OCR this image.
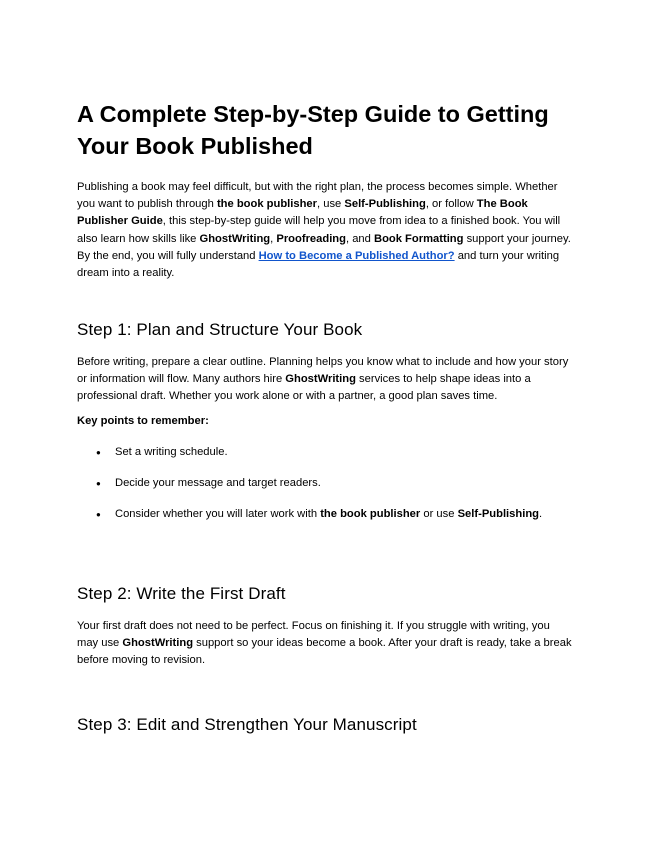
A Complete Step-by-Step Guide to Getting Your Book Published

Publishing a book may feel difficult, but with the right plan, the process becomes simple. Whether you want to publish through the book publisher, use Self-Publishing, or follow The Book Publisher Guide, this step-by-step guide will help you move from idea to a finished book. You will also learn how skills like GhostWriting, Proofreading, and Book Formatting support your journey. By the end, you will fully understand How to Become a Published Author? and turn your writing dream into a reality.

Step 1: Plan and Structure Your Book

Before writing, prepare a clear outline. Planning helps you know what to include and how your story or information will flow. Many authors hire GhostWriting services to help shape ideas into a professional draft. Whether you work alone or with a partner, a good plan saves time.

Key points to remember:

● Set a writing schedule.
● Decide your message and target readers.
● Consider whether you will later work with the book publisher or use Self-Publishing.
Step 2: Write the First Draft

Your first draft does not need to be perfect. Focus on finishing it. If you struggle with writing, you may use GhostWriting support so your ideas become a book. After your draft is ready, take a break before moving to revision.

Step 3: Edit and Strengthen Your Manuscript
